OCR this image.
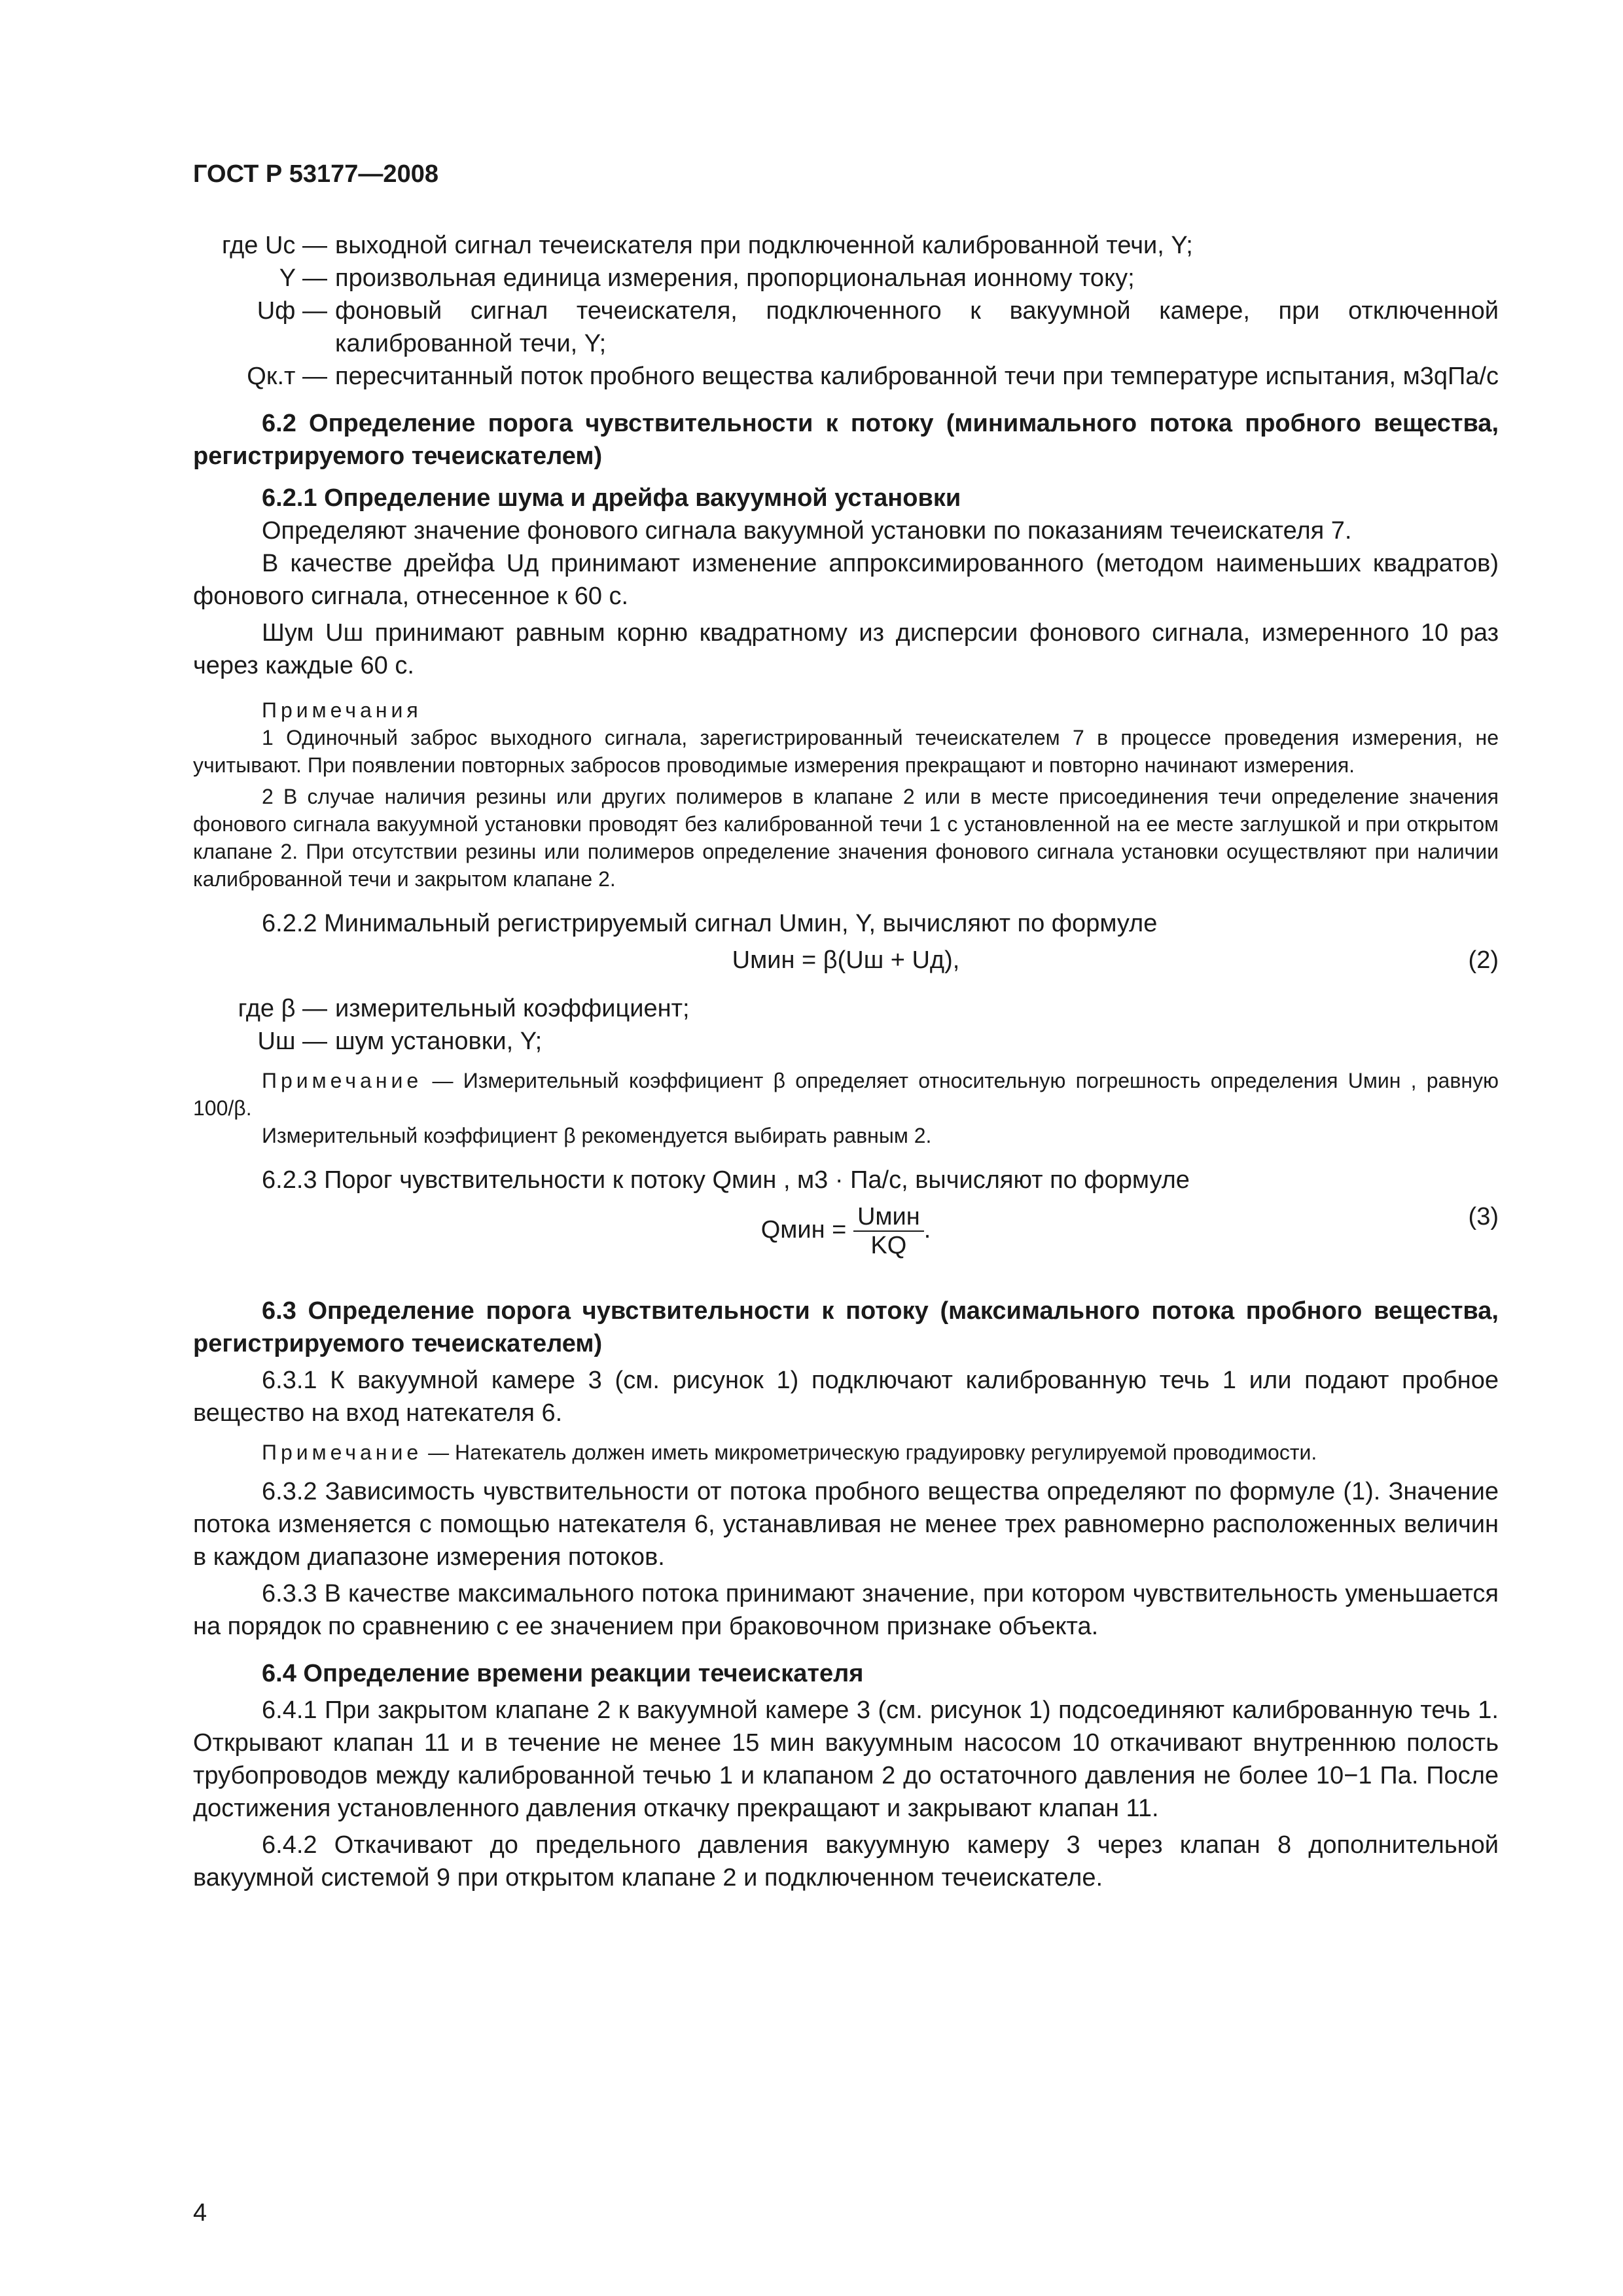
ГОСТ Р 53177—2008
где Uс —	выходной сигнал течеискателя при подключенной калиброванной течи, Y;
Y —	произвольная единица измерения, пропорциональная ионному току;
Uф —	фоновый сигнал течеискателя, подключенного к вакуумной камере, при отключенной калиброванной течи, Y;
Qк.т —	пересчитанный поток пробного вещества калиброванной течи при температуре испытания, м3qПа/с

6.2 Определение порога чувствительности к потоку (минимального потока пробного вещества, регистрируемого течеискателем)

6.2.1 Определение шума и дрейфа вакуумной установки

Определяют значение фонового сигнала вакуумной установки по показаниям течеискателя 7.

В качестве дрейфа Uд принимают изменение аппроксимированного (методом наименьших квадратов) фонового сигнала, отнесенное к 60 с.

Шум Uш принимают равным корню квадратному из дисперсии фонового сигнала, измеренного 10 раз через каждые 60 с.

Примечания

1 Одиночный заброс выходного сигнала, зарегистрированный течеискателем 7 в процессе проведения измерения, не учитывают. При появлении повторных забросов проводимые измерения прекращают и повторно начинают измерения.

2 В случае наличия резины или других полимеров в клапане 2 или в месте присоединения течи определение значения фонового сигнала вакуумной установки проводят без калиброванной течи 1 с установленной на ее месте заглушкой и при открытом клапане 2. При отсутствии резины или полимеров определение значения фонового сигнала установки осуществляют при наличии калиброванной течи и закрытом клапане 2.

6.2.2 Минимальный регистрируемый сигнал Uмин, Y, вычисляют по формуле

Uмин = β(Uш + Uд),	(2)
где β —	измерительный коэффициент;
Uш —	шум установки, Y;

Примечание — Измерительный коэффициент β определяет относительную погрешность определения Uмин , равную 100/β.

Измерительный коэффициент β рекомендуется выбирать равным 2.

6.2.3 Порог чувствительности к потоку Qмин , м3 · Па/с, вычисляют по формуле

Qмин = $\frac{\text{Uмин}}{KQ}$ .	(3)

6.3 Определение порога чувствительности к потоку (максимального потока пробного вещества, регистрируемого течеискателем)

6.3.1 К вакуумной камере 3 (см. рисунок 1) подключают калиброванную течь 1 или подают пробное вещество на вход натекателя 6.

Примечание — Натекатель должен иметь микрометрическую градуировку регулируемой проводимости.

6.3.2 Зависимость чувствительности от потока пробного вещества определяют по формуле (1). Значение потока изменяется с помощью натекателя 6, устанавливая не менее трех равномерно расположенных величин в каждом диапазоне измерения потоков.

6.3.3 В качестве максимального потока принимают значение, при котором чувствительность уменьшается на порядок по сравнению с ее значением при браковочном признаке объекта.

6.4 Определение времени реакции течеискателя

6.4.1 При закрытом клапане 2 к вакуумной камере 3 (см. рисунок 1) подсоединяют калиброванную течь 1. Открывают клапан 11 и в течение не менее 15 мин вакуумным насосом 10 откачивают внутреннюю полость трубопроводов между калиброванной течью 1 и клапаном 2 до остаточного давления не более 10−1 Па. После достижения установленного давления откачку прекращают и закрывают клапан 11.

6.4.2 Откачивают до предельного давления вакуумную камеру 3 через клапан 8 дополнительной вакуумной системой 9 при открытом клапане 2 и подключенном течеискателе.

4
